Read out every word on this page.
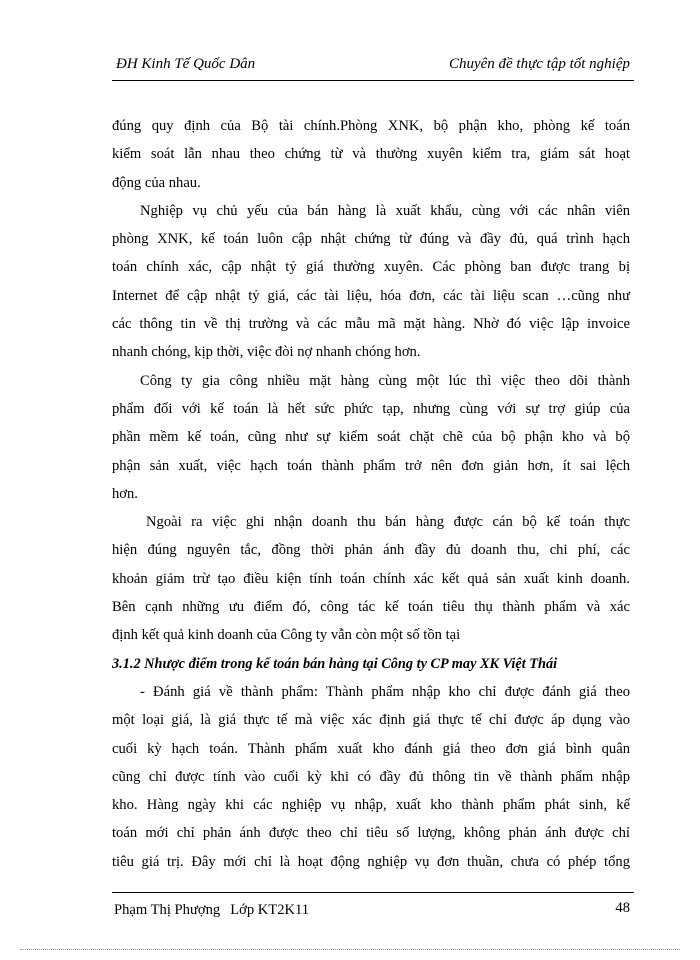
ĐH Kinh Tế Quốc Dân	Chuyên đề thực tập tốt nghiệp
đúng quy định của Bộ tài chính.Phòng XNK, bộ phận kho, phòng kế toán
kiểm soát lẫn nhau theo chứng từ và thường xuyên kiểm tra, giám sát hoạt
động của nhau.
Nghiệp vụ chủ yếu của bán hàng là xuất khẩu, cùng với các nhân viên
phòng XNK, kế toán luôn cập nhật chứng từ đúng và đầy đủ, quá trình hạch
toán chính xác, cập nhật tỷ giá thường xuyên. Các phòng ban được trang bị
Internet để cập nhật tỷ giá, các tài liệu, hóa đơn, các tài liệu scan …cũng như
các thông tin về thị trường và các mẫu mã mặt hàng. Nhờ đó việc lập invoice
nhanh chóng, kịp thời, việc đòi nợ nhanh chóng hơn.
Công ty gia công nhiều mặt hàng cùng một lúc thì việc theo dõi thành
phẩm đối với kế toán là hết sức phức tạp, nhưng cùng với sự trợ giúp của
phần mềm kế toán, cũng như sự kiểm soát chặt chẽ của bộ phận kho và bộ
phận sản xuất, việc hạch toán thành phẩm trở nên đơn giản hơn, ít sai lệch
hơn.
Ngoài ra việc ghi nhận doanh thu bán hàng được cán bộ kế toán thực
hiện đúng nguyên tắc, đồng thời phản ánh đầy đủ doanh thu, chi phí, các
khoản giảm trừ tạo điều kiện tính toán chính xác kết quả sản xuất kinh doanh.
Bên cạnh những ưu điểm đó, công tác kế toán tiêu thụ thành phẩm và xác
định kết quả kinh doanh của Công ty vẫn còn một số tồn tại
3.1.2 Nhược điểm trong kế toán bán hàng tại Công ty CP may XK Việt Thái
- Đánh giá về thành phẩm: Thành phẩm nhập kho chỉ được đánh giá theo
một loại giá, là giá thực tế mà việc xác định giá thực tế chỉ được áp dụng vào
cuối kỳ hạch toán. Thành phẩm xuất kho đánh giá theo đơn giá bình quân
cũng chỉ được tính vào cuối kỳ khi có đầy đủ thông tin về thành phẩm nhập
kho. Hàng ngày khi các nghiệp vụ nhập, xuất kho thành phẩm phát sinh, kế
toán mới chỉ phản ánh được theo chỉ tiêu số lượng, không phản ánh được chỉ
tiêu giá trị. Đây mới chỉ là hoạt động nghiệp vụ đơn thuần, chưa có phép tổng
Phạm Thị Phượng Lớp KT2K11	48
